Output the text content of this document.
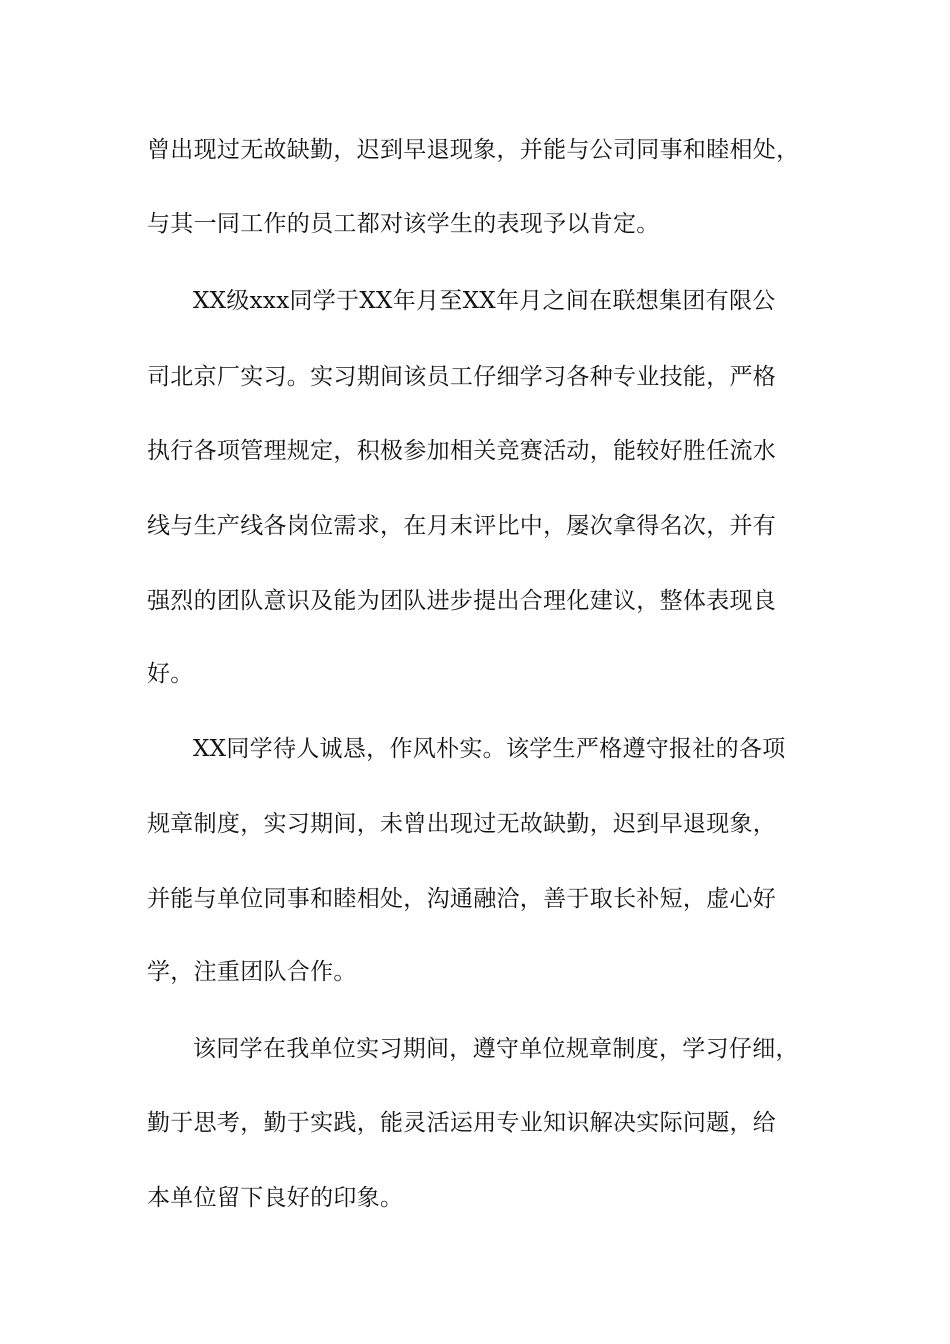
曾出现过无故缺勤，迟到早退现象，并能与公司同事和睦相处，
与其一同工作的员工都对该学生的表现予以肯定。
XX级xxx同学于XX年月至XX年月之间在联想集团有限公
司北京厂实习。实习期间该员工仔细学习各种专业技能，严格
执行各项管理规定，积极参加相关竞赛活动，能较好胜任流水
线与生产线各岗位需求，在月末评比中，屡次拿得名次，并有
强烈的团队意识及能为团队进步提出合理化建议，整体表现良
好。
XX同学待人诚恳，作风朴实。该学生严格遵守报社的各项
规章制度，实习期间，未曾出现过无故缺勤，迟到早退现象，
并能与单位同事和睦相处，沟通融洽，善于取长补短，虚心好
学，注重团队合作。
该同学在我单位实习期间，遵守单位规章制度，学习仔细，
勤于思考，勤于实践，能灵活运用专业知识解决实际问题，给
本单位留下良好的印象。
